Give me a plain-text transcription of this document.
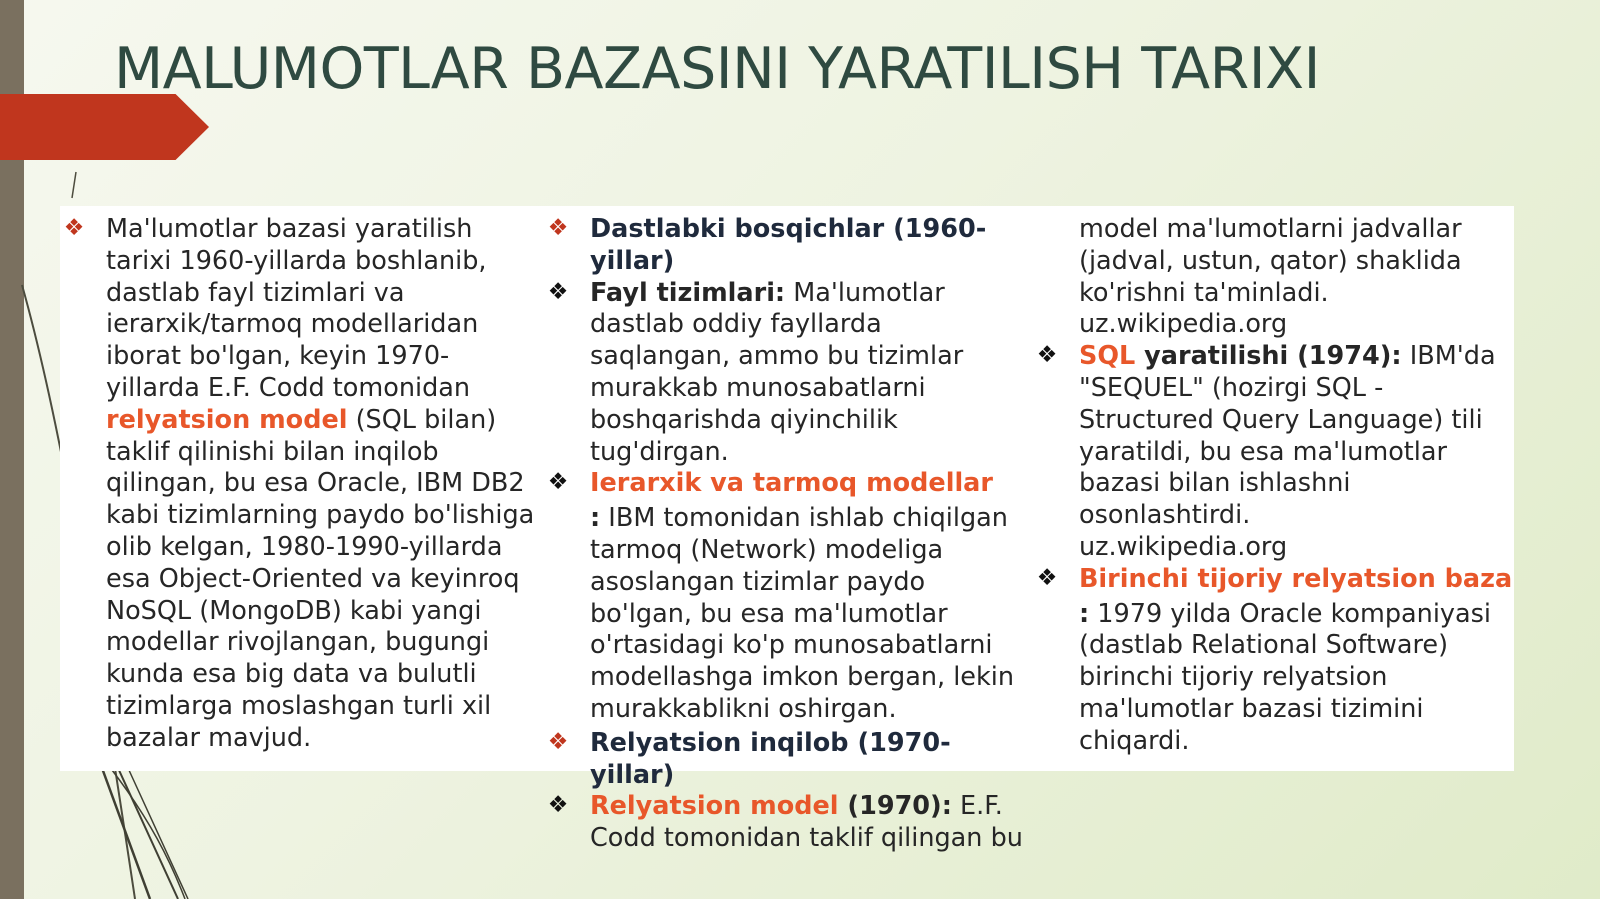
MALUMOTLAR BAZASINI YARATILISH TARIXI

❖ Ma'lumotlar bazasi yaratilish tarixi 1960-yillarda boshlanib, dastlab fayl tizimlari va ierarxik/tarmoq modellaridan iborat bo'lgan, keyin 1970-yillarda E.F. Codd tomonidan relyatsion model (SQL bilan) taklif qilinishi bilan inqilob qilingan, bu esa Oracle, IBM DB2 kabi tizimlarning paydo bo'lishiga olib kelgan, 1980-1990-yillarda esa Object-Oriented va keyinroq NoSQL (MongoDB) kabi yangi modellar rivojlangan, bugungi kunda esa big data va bulutli tizimlarga moslashgan turli xil bazalar mavjud.

❖ Dastlabki bosqichlar (1960-yillar)

❖ Fayl tizimlari: Ma'lumotlar dastlab oddiy fayllarda saqlangan, ammo bu tizimlar murakkab munosabatlarni boshqarishda qiyinchilik tug'dirgan.

❖ Ierarxik va tarmoq modellar

: IBM tomonidan ishlab chiqilgan tarmoq (Network) modeliga asoslangan tizimlar paydo bo'lgan, bu esa ma'lumotlar o'rtasidagi ko'p munosabatlarni modellashga imkon bergan, lekin murakkablikni oshirgan.

❖ Relyatsion inqilob (1970-yillar)

❖ Relyatsion model (1970): E.F. Codd tomonidan taklif qilingan bu

model ma'lumotlarni jadvallar (jadval, ustun, qator) shaklida ko'rishni ta'minladi.
uz.wikipedia.org

❖ SQL yaratilishi (1974): IBM'da "SEQUEL" (hozirgi SQL - Structured Query Language) tili yaratildi, bu esa ma'lumotlar bazasi bilan ishlashni osonlashtirdi.
uz.wikipedia.org

❖ Birinchi tijoriy relyatsion baza

: 1979 yilda Oracle kompaniyasi (dastlab Relational Software) birinchi tijoriy relyatsion ma'lumotlar bazasi tizimini chiqardi.
